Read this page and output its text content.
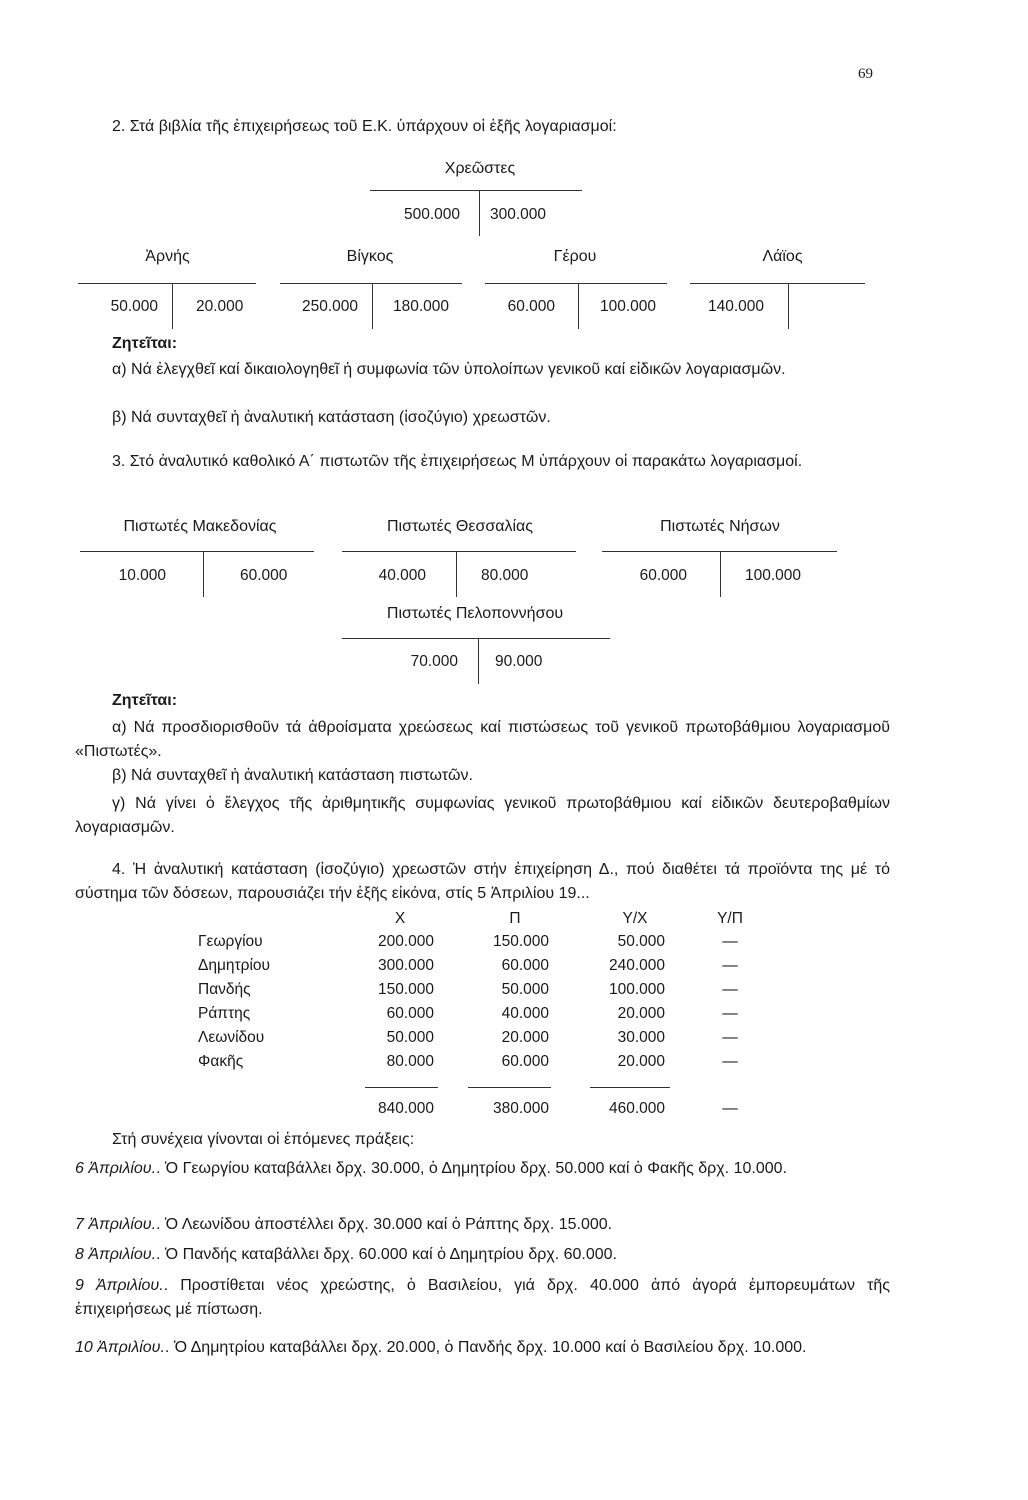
69
2. Στά βιβλία τῆς ἐπιχειρήσεως τοῦ Ε.Κ. ὑπάρχουν οἱ ἑξῆς λογαριασμοί:
Χρεῶστες
500.000 300.000
Ἀρνής
50.000 20.000
Βίγκος
250.000 180.000
Γέρου
60.000	100.000
Λάϊος
140.000
Ζητεῖται:
α) Νά ἐλεγχθεῖ καί δικαιολογηθεῖ ἡ συμφωνία τῶν ὑπολοίπων γενικοῦ καί εἰδικῶν λογαριασμῶν.
β) Νά συνταχθεῖ ἡ ἀναλυτική κατάσταση (ἰσοζύγιο) χρεωστῶν.
3. Στό ἀναλυτικό καθολικό Α΄ πιστωτῶν τῆς ἐπιχειρήσεως Μ ὑπάρχουν οἱ παρακάτω λογαριασμοί.
Πιστωτές Μακεδονίας
10.000	60.000
Πιστωτές Θεσσαλίας
40.000	80.000
Πιστωτές Νήσων
60.000	100.000
Πιστωτές Πελοποννήσου
70.000 90.000
Ζητεῖται:
α) Νά προσδιορισθοῦν τά ἀθροίσματα χρεώσεως καί πιστώσεως τοῦ γενικοῦ πρωτοβάθμιου λογαριασμοῦ «Πιστωτές».
β) Νά συνταχθεῖ ἡ ἀναλυτική κατάσταση πιστωτῶν.
γ) Νά γίνει ὁ ἔλεγχος τῆς ἀριθμητικῆς συμφωνίας γενικοῦ πρωτοβάθμιου καί εἰδικῶν δευτεροβαθμίων λογαριασμῶν.
4. Ἡ ἀναλυτική κατάσταση (ἰσοζύγιο) χρεωστῶν στήν ἐπιχείρηση Δ., πού διαθέτει τά προϊόντα της μέ τό σύστημα τῶν δόσεων, παρουσιάζει τήν ἑξῆς εἰκόνα, στίς 5 Ἀπριλίου 19...
Χ	Π	Υ/Χ	Υ/Π
Γεωργίου	200.000	150.000	50.000	—
Δημητρίου	300.000	60.000	240.000	—
Πανδής	150.000	50.000	100.000	—
Ράπτης	60.000	40.000	20.000	—
Λεωνίδου	50.000	20.000	30.000	—
Φακῆς	80.000	60.000	20.000	—
840.000	380.000	460.000	—
Στή συνέχεια γίνονται οἱ ἑπόμενες πράξεις:
6 Ἀπριλίου.. Ὁ Γεωργίου καταβάλλει δρχ. 30.000, ὁ Δημητρίου δρχ. 50.000 καί ὁ Φακῆς δρχ. 10.000.
7 Ἀπριλίου.. Ὁ Λεωνίδου ἀποστέλλει δρχ. 30.000 καί ὁ Ράπτης δρχ. 15.000.
8 Ἀπριλίου.. Ὁ Πανδής καταβάλλει δρχ. 60.000 καί ὁ Δημητρίου δρχ. 60.000.
9 Ἀπριλίου.. Προστίθεται νέος χρεώστης, ὁ Βασιλείου, γιά δρχ. 40.000 ἀπό ἀγορά ἐμπορευμάτων τῆς ἐπιχειρήσεως μέ πίστωση.
10 Ἀπριλίου.. Ὁ Δημητρίου καταβάλλει δρχ. 20.000, ὁ Πανδής δρχ. 10.000 καί ὁ Βασιλείου δρχ. 10.000.
